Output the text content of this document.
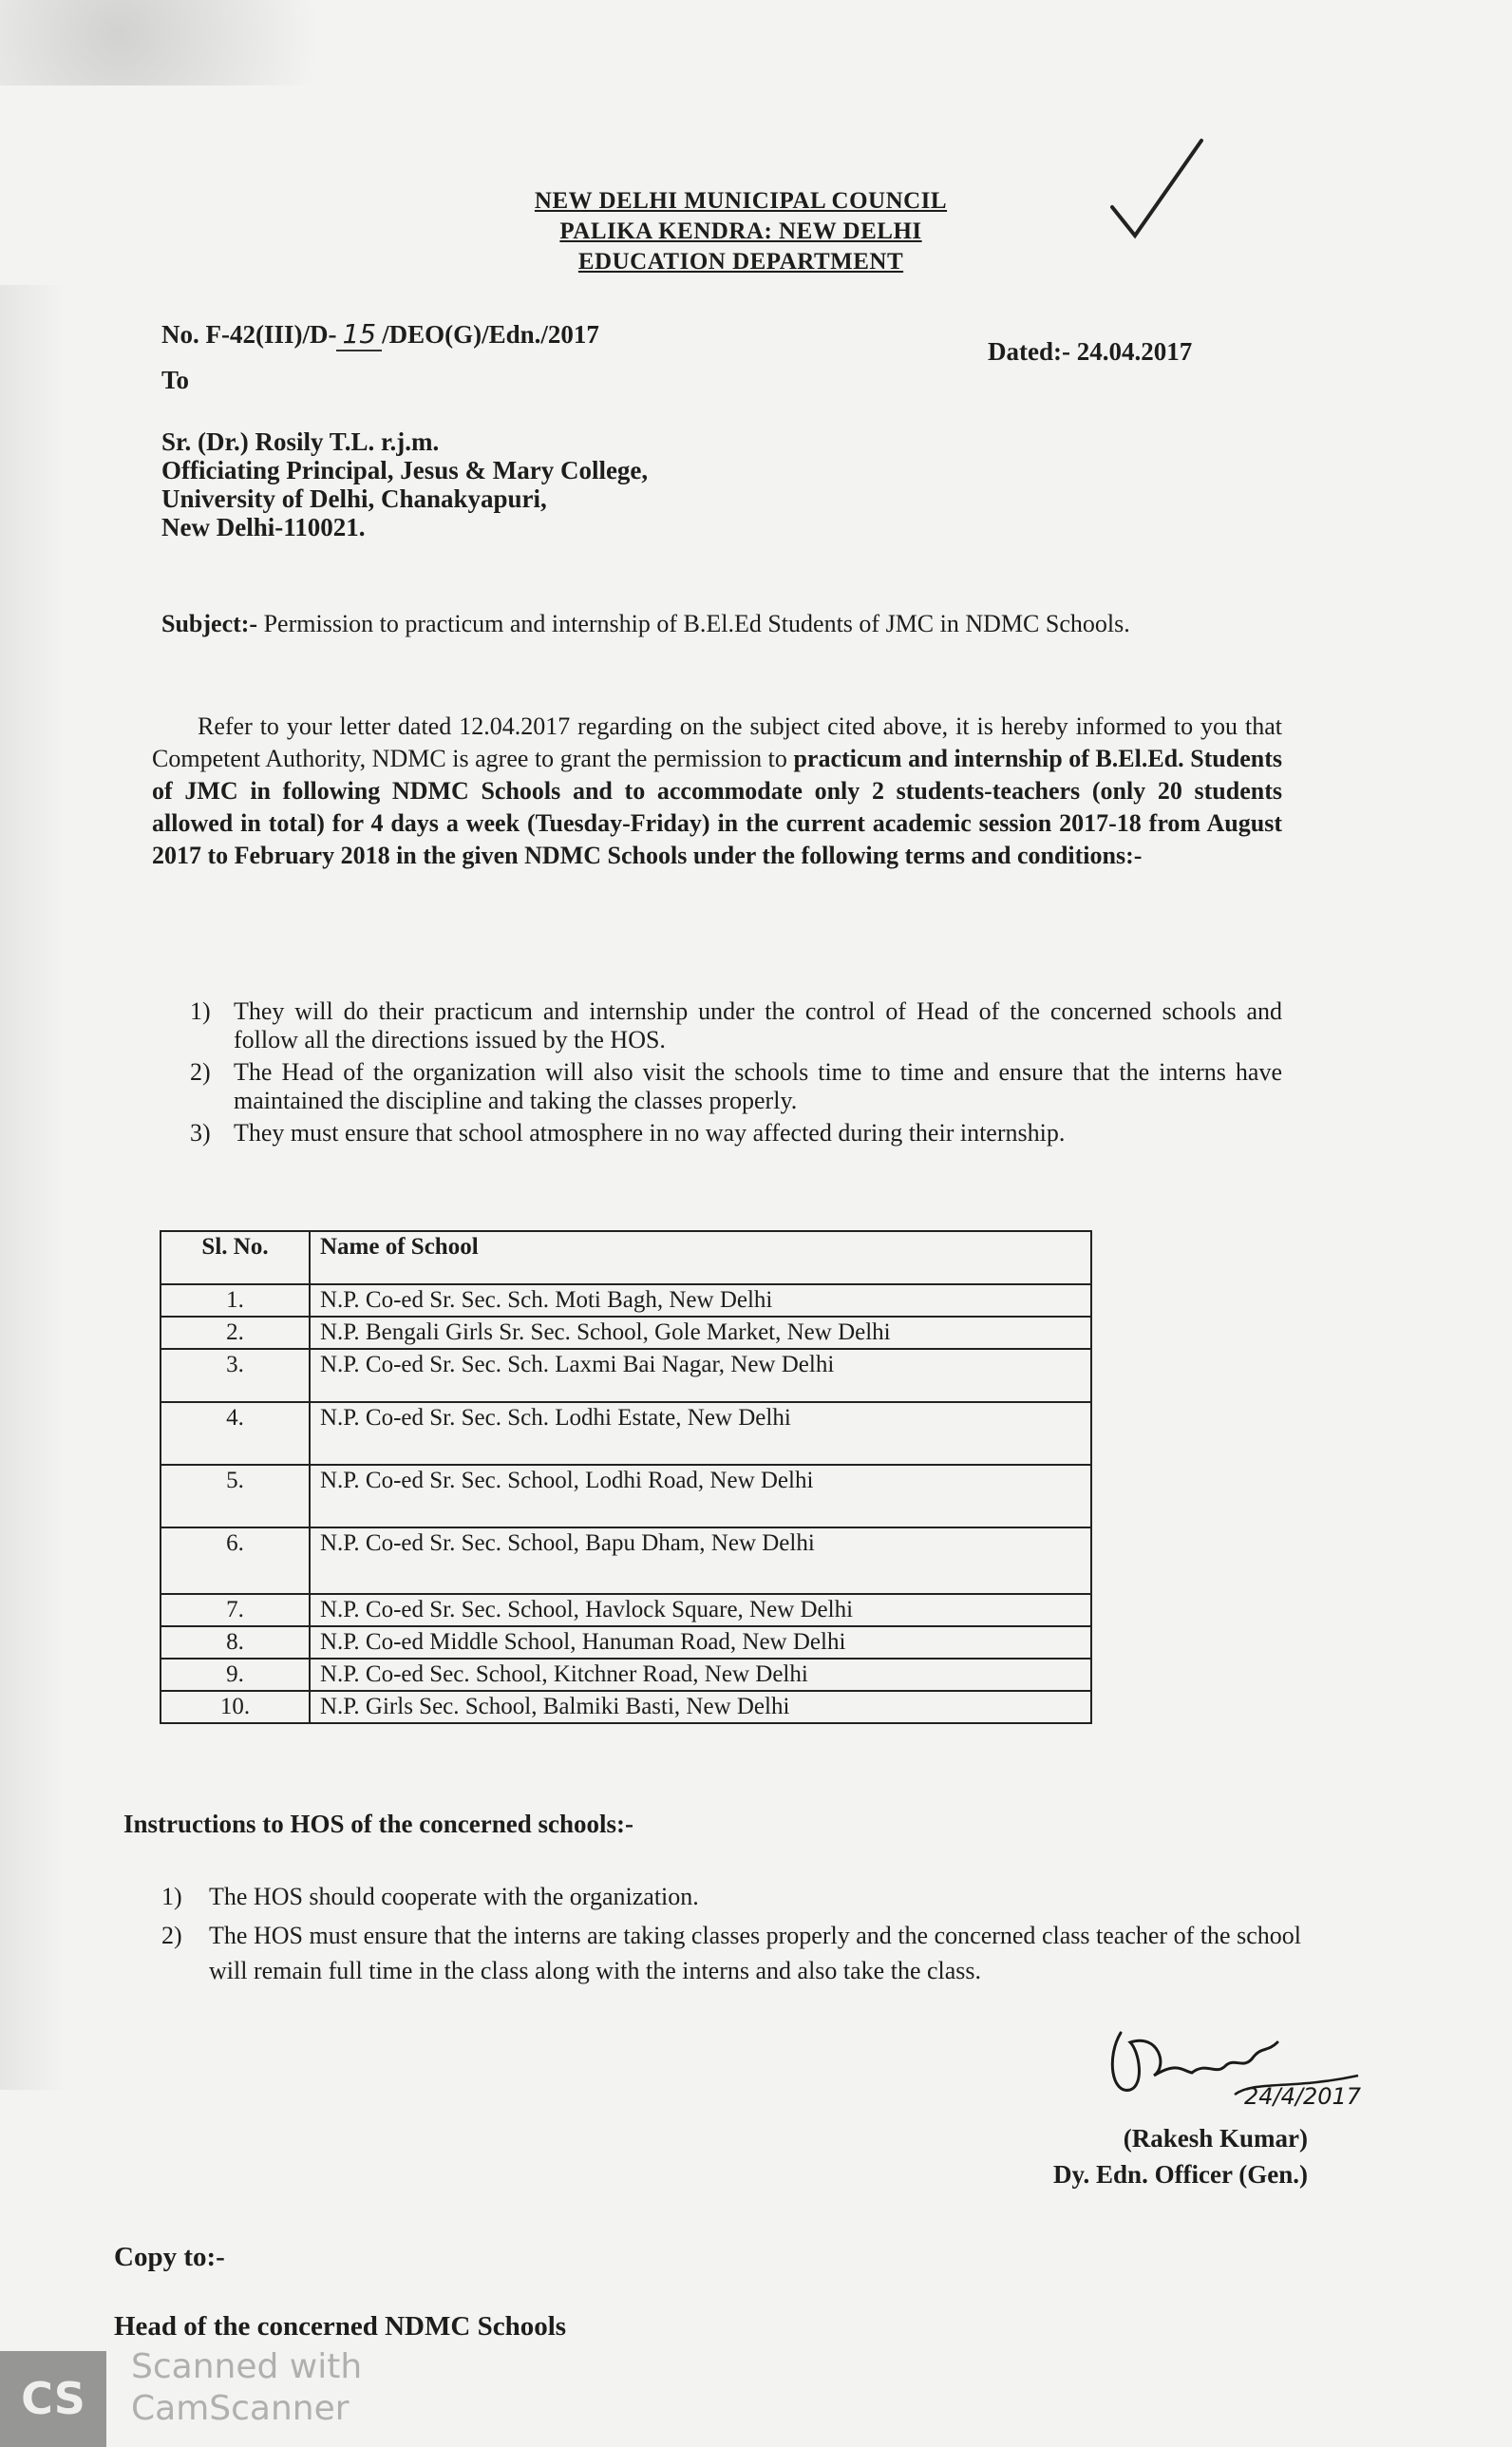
NEW DELHI MUNICIPAL COUNCIL
PALIKA KENDRA: NEW DELHI
EDUCATION DEPARTMENT
No. F-42(III)/D- 15 /DEO(G)/Edn./2017
Dated:- 24.04.2017
To
Sr. (Dr.) Rosily T.L. r.j.m.
Officiating Principal, Jesus & Mary College,
University of Delhi, Chanakyapuri,
New Delhi-110021.
Subject:- Permission to practicum and internship of B.El.Ed Students of JMC in NDMC Schools.
Refer to your letter dated 12.04.2017 regarding on the subject cited above, it is hereby informed to you that Competent Authority, NDMC is agree to grant the permission to practicum and internship of B.El.Ed. Students of JMC in following NDMC Schools and to accommodate only 2 students-teachers (only 20 students allowed in total) for 4 days a week (Tuesday-Friday) in the current academic session 2017-18 from August 2017 to February 2018 in the given NDMC Schools under the following terms and conditions:-
1) They will do their practicum and internship under the control of Head of the concerned schools and follow all the directions issued by the HOS.
2) The Head of the organization will also visit the schools time to time and ensure that the interns have maintained the discipline and taking the classes properly.
3) They must ensure that school atmosphere in no way affected during their internship.
Sl. No.	Name of School
1.	N.P. Co-ed Sr. Sec. Sch. Moti Bagh, New Delhi
2.	N.P. Bengali Girls Sr. Sec. School, Gole Market, New Delhi
3.	N.P. Co-ed Sr. Sec. Sch. Laxmi Bai Nagar, New Delhi
4.	N.P. Co-ed Sr. Sec. Sch. Lodhi Estate, New Delhi
5.	N.P. Co-ed Sr. Sec. School, Lodhi Road, New Delhi
6.	N.P. Co-ed Sr. Sec. School, Bapu Dham, New Delhi
7.	N.P. Co-ed Sr. Sec. School, Havlock Square, New Delhi
8.	N.P. Co-ed Middle School, Hanuman Road, New Delhi
9.	N.P. Co-ed Sec. School, Kitchner Road, New Delhi
10.	N.P. Girls Sec. School, Balmiki Basti, New Delhi
Instructions to HOS of the concerned schools:-
1) The HOS should cooperate with the organization.
2) The HOS must ensure that the interns are taking classes properly and the concerned class teacher of the school will remain full time in the class along with the interns and also take the class.
24/4/2017
(Rakesh Kumar)
Dy. Edn. Officer (Gen.)
Copy to:-
Head of the concerned NDMC Schools
CS
Scanned with
CamScanner
